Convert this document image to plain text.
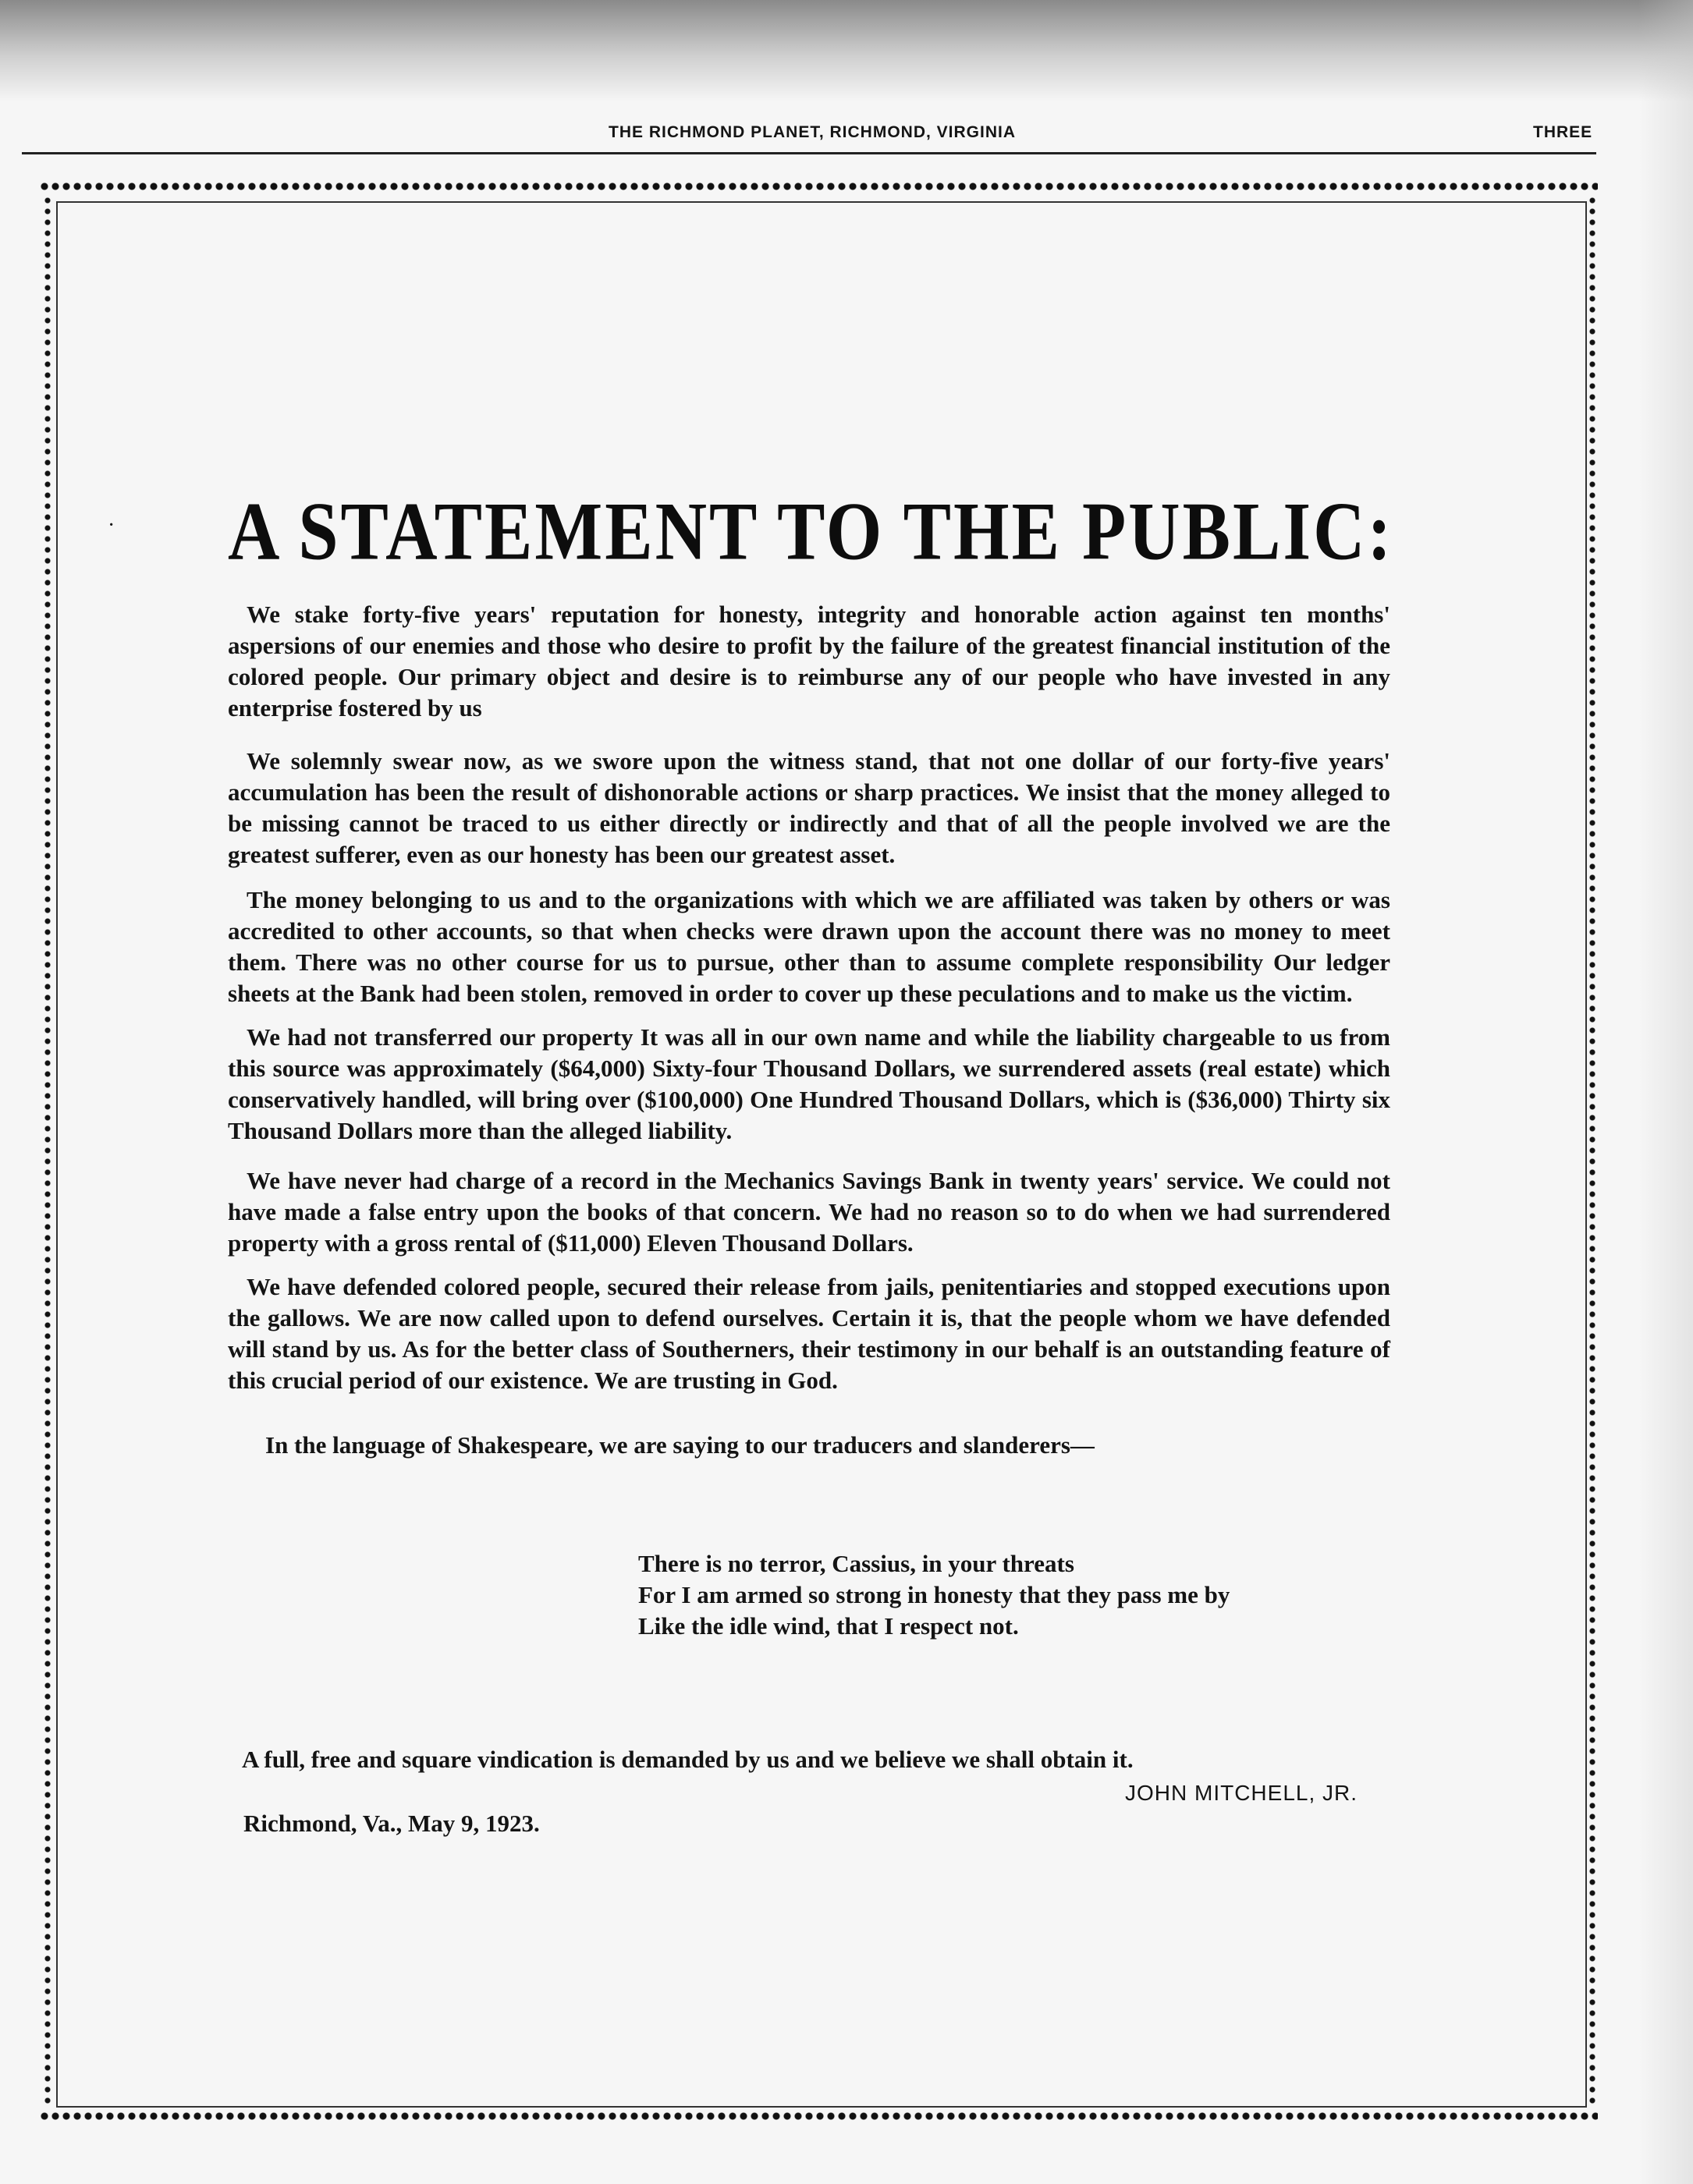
THE RICHMOND PLANET, RICHMOND, VIRGINIA	THREE
· A STATEMENT TO THE PUBLIC:
We stake forty-five years' reputation for honesty, integrity and honorable action against ten months' aspersions of our enemies and those who desire to profit by the failure of the greatest financial institution of the colored people. Our primary object and desire is to reimburse any of our people who have invested in any enterprise fostered by us
We solemnly swear now, as we swore upon the witness stand, that not one dollar of our forty-five years' accumulation has been the result of dishonorable actions or sharp practices. We insist that the money alleged to be missing cannot be traced to us either directly or indirectly and that of all the people involved we are the greatest sufferer, even as our honesty has been our greatest asset.
The money belonging to us and to the organizations with which we are affiliated was taken by others or was accredited to other accounts, so that when checks were drawn upon the account there was no money to meet them. There was no other course for us to pursue, other than to assume complete responsibility Our ledger sheets at the Bank had been stolen, removed in order to cover up these peculations and to make us the victim.
We had not transferred our property It was all in our own name and while the liability chargeable to us from this source was approximately ($64,000) Sixty-four Thousand Dollars, we surrendered assets (real estate) which conservatively handled, will bring over ($100,000) One Hundred Thousand Dollars, which is ($36,000) Thirty six Thousand Dollars more than the alleged liability.
We have never had charge of a record in the Mechanics Savings Bank in twenty years' service. We could not have made a false entry upon the books of that concern. We had no reason so to do when we had surrendered property with a gross rental of ($11,000) Eleven Thousand Dollars.
We have defended colored people, secured their release from jails, penitentiaries and stopped executions upon the gallows. We are now called upon to defend ourselves. Certain it is, that the people whom we have defended will stand by us. As for the better class of Southerners, their testimony in our behalf is an outstanding feature of this crucial period of our existence. We are trusting in God.
In the language of Shakespeare, we are saying to our traducers and slanderers—
There is no terror, Cassius, in your threats
For I am armed so strong in honesty that they pass me by
Like the idle wind, that I respect not.
A full, free and square vindication is demanded by us and we believe we shall obtain it.
JOHN MITCHELL, JR.
Richmond, Va., May 9, 1923.
